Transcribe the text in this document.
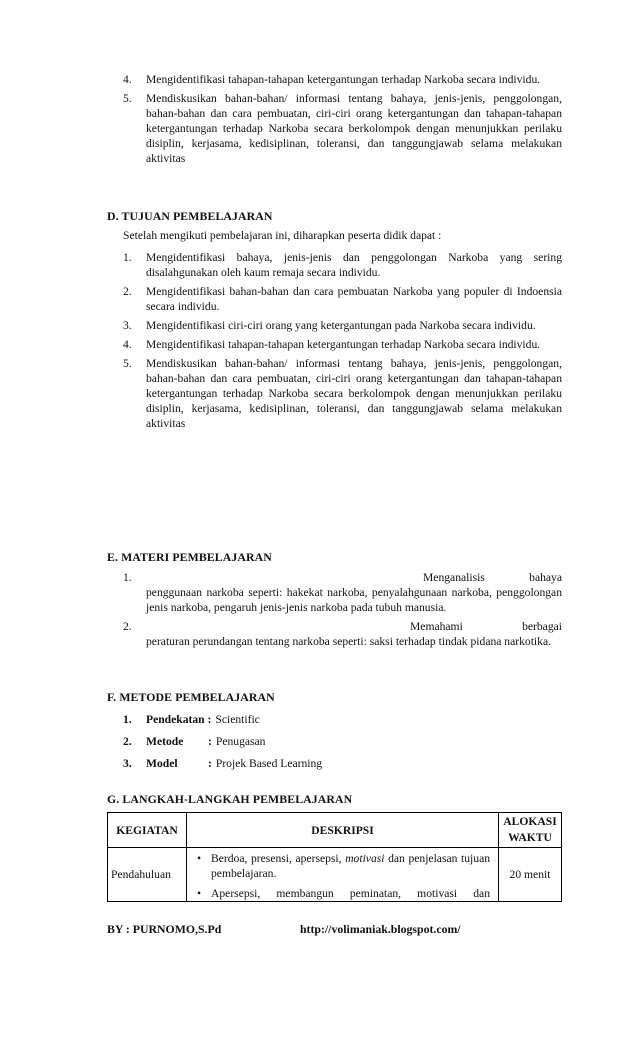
4. Mengidentifikasi tahapan-tahapan ketergantungan terhadap Narkoba secara individu.
5. Mendiskusikan bahan-bahan/ informasi tentang bahaya, jenis-jenis, penggolongan, bahan-bahan dan cara pembuatan, ciri-ciri orang ketergantungan dan tahapan-tahapan ketergantungan terhadap Narkoba secara berkolompok dengan menunjukkan perilaku disiplin, kerjasama, kedisiplinan, toleransi, dan tanggungjawab selama melakukan aktivitas
D. TUJUAN PEMBELAJARAN
Setelah mengikuti pembelajaran ini, diharapkan peserta didik dapat :
1. Mengidentifikasi bahaya, jenis-jenis dan penggolongan Narkoba yang sering disalahgunakan oleh kaum remaja secara individu.
2. Mengidentifikasi bahan-bahan dan cara pembuatan Narkoba yang populer di Indoensia secara individu.
3. Mengidentifikasi ciri-ciri orang yang ketergantungan pada Narkoba secara individu.
4. Mengidentifikasi tahapan-tahapan ketergantungan terhadap Narkoba secara individu.
5. Mendiskusikan bahan-bahan/ informasi tentang bahaya, jenis-jenis, penggolongan, bahan-bahan dan cara pembuatan, ciri-ciri orang ketergantungan dan tahapan-tahapan ketergantungan terhadap Narkoba secara berkolompok dengan menunjukkan perilaku disiplin, kerjasama, kedisiplinan, toleransi, dan tanggungjawab selama melakukan aktivitas
E. MATERI PEMBELAJARAN
1.	Menganalisis	bahaya
penggunaan narkoba seperti: hakekat narkoba, penyalahgunaan narkoba, penggolongan jenis narkoba, pengaruh jenis-jenis narkoba pada tubuh manusia.
2.	Memahami	berbagai
peraturan perundangan tentang narkoba seperti: saksi terhadap tindak pidana narkotika.
F. METODE PEMBELAJARAN
1.	Pendekatan : Scientific
2.	Metode	: Penugasan
3.	Model	: Projek Based Learning
G. LANGKAH-LANGKAH PEMBELAJARAN
KEGIATAN	DESKRIPSI	ALOKASI
WAKTU
Pendahuluan	• Berdoa, presensi, apersepsi, motivasi dan penjelasan tujuan pembelajaran.
• Apersepsi, membangun peminatan, motivasi dan	20 menit
BY : PURNOMO,S.Pd	http://volimaniak.blogspot.com/
